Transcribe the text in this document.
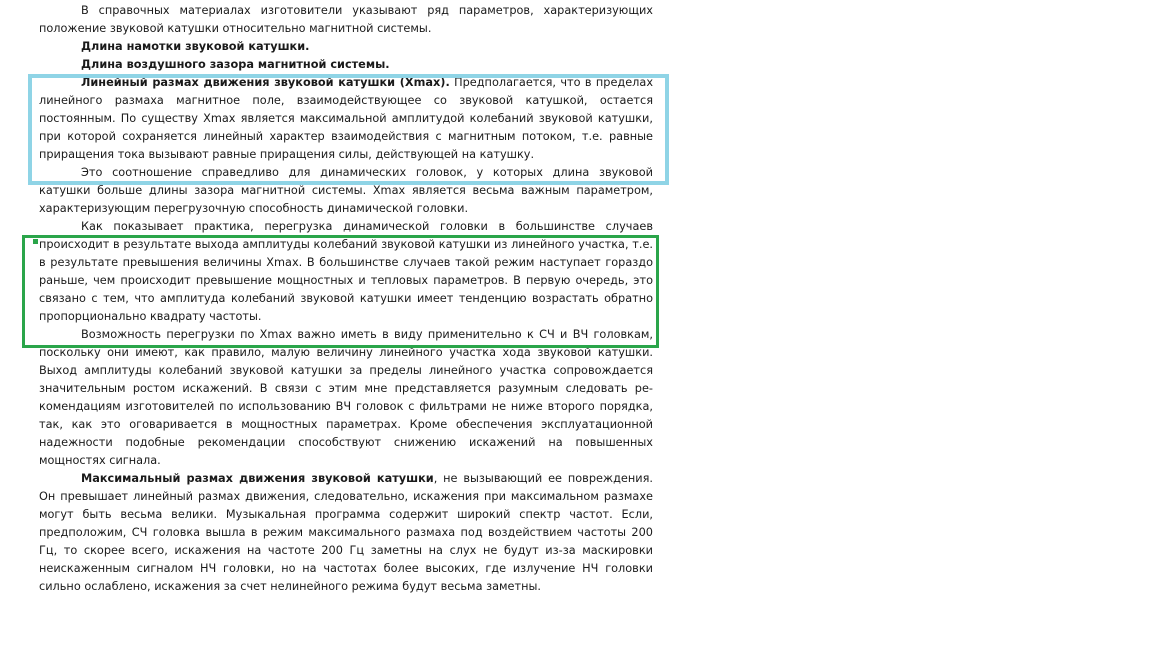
В справочных материалах изготовители указывают ряд параметров, характеризующих положение звуковой катушки относительно магнитной системы.

Длина намотки звуковой катушки.

Длина воздушного зазора магнитной системы.

Линейный размах движения звуковой катушки (Xmax). Предполагается, что в пределах линейного размаха магнитное поле, взаимодействующее со звуковой катушкой, остается постоянным. По существу Xmax является максимальной амплитудой колебаний звуковой катушки, при которой сохраняется линейный характер взаимодействия с магнитным потоком, т.е. равные приращения тока вызывают равные приращения силы, действующей на катушку.

Это соотношение справедливо для динамических головок, у которых длина звуковой катушки больше длины зазора магнитной системы. Xmax является весьма важным параметром, характеризующим перегрузочную способность динамической головки.

Как показывает практика, перегрузка динамической головки в большинстве случаев происходит в результате выхода амплитуды колебаний звуковой катушки из линейного участка, т.е. в результате превышения величины Xmax. В большинстве случаев такой режим наступает гораздо раньше, чем происходит превышение мощностных и тепловых параметров. В первую очередь, это связано с тем, что амплитуда колебаний звуковой катушки имеет тенденцию возрастать обратно пропорционально квадрату частоты.

Возможность перегрузки по Xmax важно иметь в виду применительно к СЧ и ВЧ головкам, поскольку они имеют, как правило, малую величину линейного участка хода звуковой катушки. Выход амплитуды колебаний звуковой катушки за пределы линейного участка сопровождается значительным ростом искажений. В связи с этим мне представляется разумным следовать ре-комендациям изготовителей по использованию ВЧ головок с фильтрами не ниже второго порядка, так, как это оговаривается в мощностных параметрах. Кроме обеспечения эксплуатационной надежности подобные рекомендации способствуют снижению искажений на повышенных мощностях сигнала.

Максимальный размах движения звуковой катушки, не вызывающий ее повреждения. Он превышает линейный размах движения, следовательно, искажения при максимальном размахе могут быть весьма велики. Музыкальная программа содержит широкий спектр частот. Если, предположим, СЧ головка вышла в режим максимального размаха под воздействием частоты 200 Гц, то скорее всего, искажения на частоте 200 Гц заметны на слух не будут из-за маскировки неискаженным сигналом НЧ головки, но на частотах более высоких, где излучение НЧ головки сильно ослаблено, искажения за счет нелинейного режима будут весьма заметны.
